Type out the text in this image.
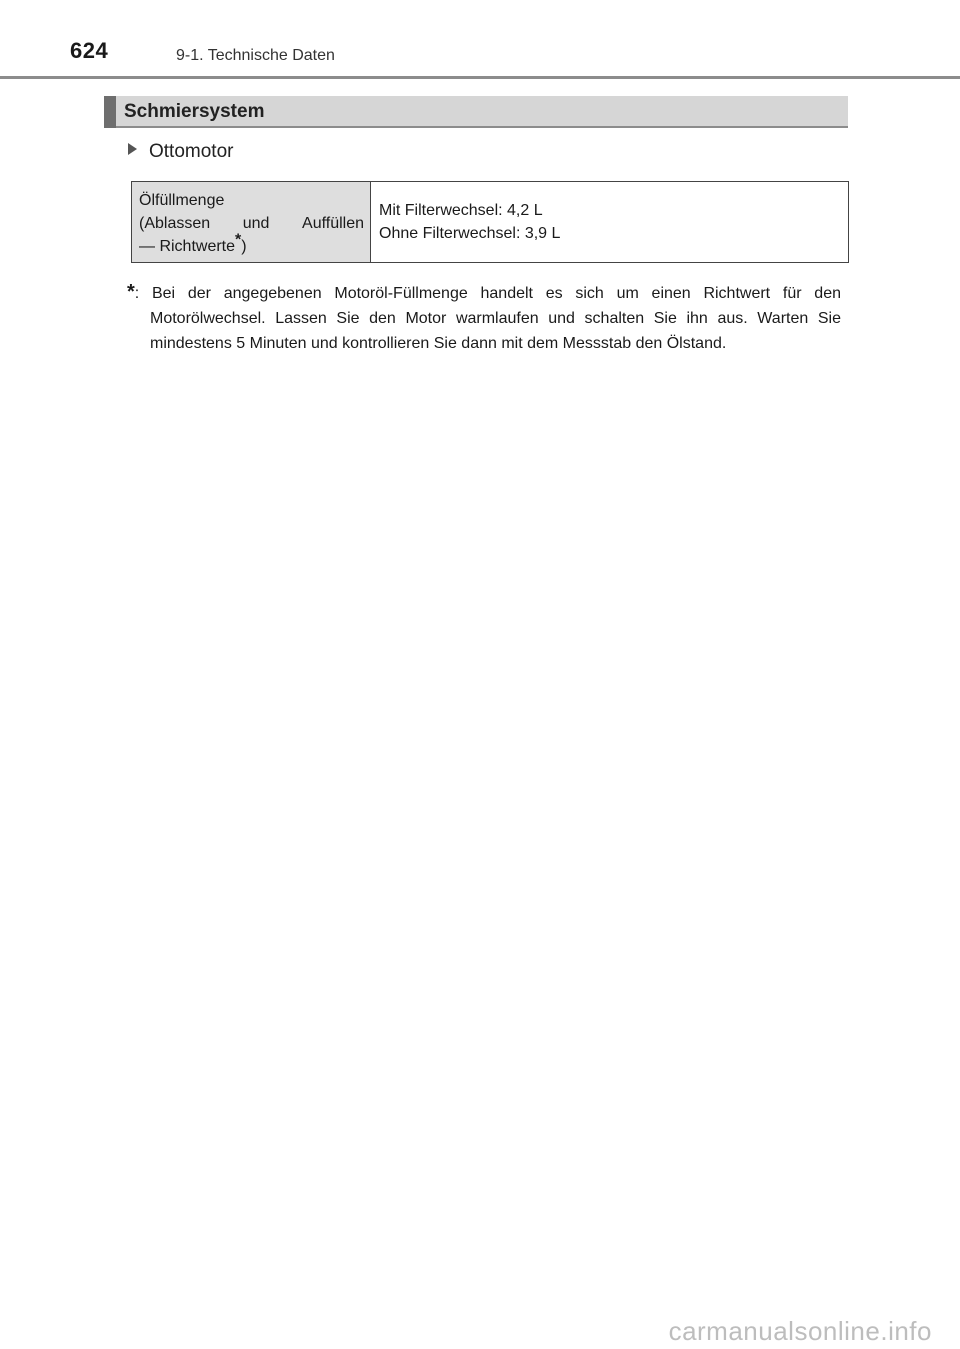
624	9-1. Technische Daten
Schmiersystem
Ottomotor
Ölfüllmenge
(Ablassen und Auffüllen
— Richtwerte*)

Mit Filterwechsel: 4,2 L
Ohne Filterwechsel: 3,9 L
*: Bei der angegebenen Motoröl-Füllmenge handelt es sich um einen Richtwert für den Motorölwechsel. Lassen Sie den Motor warmlaufen und schalten Sie ihn aus. Warten Sie mindestens 5 Minuten und kontrollieren Sie dann mit dem Messstab den Ölstand.
carmanualsonline.info
